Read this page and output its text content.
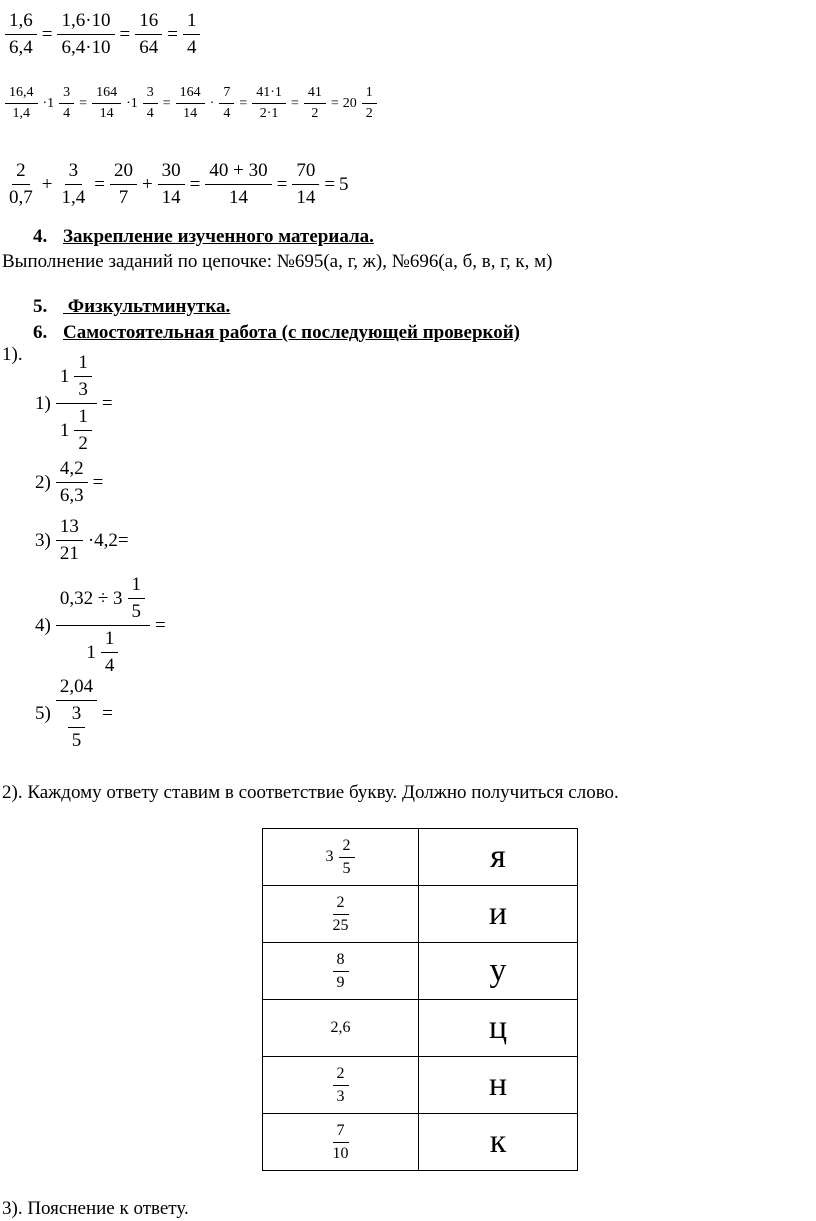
$\frac{1,6}{6,4} = \frac{1,6\cdot 10}{6,4\cdot 10} = \frac{16}{64} = \frac{1}{4}$
$\frac{16,4}{1,4} \cdot 1 \frac{3}{4} = \frac{164}{14} \cdot 1 \frac{3}{4} = \frac{164}{14} \cdot \frac{7}{4} = \frac{41\cdot 1}{2\cdot 1} = \frac{41}{2} = 20 \frac{1}{2}$
$\frac{2}{0,7} + \frac{3}{1,4} = \frac{20}{7} + \frac{30}{14} = \frac{40 + 30}{14} = \frac{70}{14} = 5$
4. Закрепление изученного материала.
Выполнение заданий по цепочке: №695(а, г, ж), №696(а, б, в, г, к, м)
5. Физкультминутка.
6. Самостоятельная работа (с последующей проверкой)
1).
$1) \frac{1 \frac{1}{3}}{1 \frac{1}{2}}$ =
$2) \frac{4,2}{6,3}$ =
$3) \frac{13}{21} \cdot 4,2=$
$4) \frac{0,32 \div 3 \frac{1}{5}}{1 \frac{1}{4}}$ =
$5) \frac{2,04}{\frac{3}{5}}$ =
2). Каждому ответу ставим в соответствие букву. Должно получиться слово.
$3 \frac{2}{5}$	я

$\frac{2}{25}$	и

$\frac{8}{9}$	у

2,6	ц

$\frac{2}{3}$	н

$\frac{7}{10}$	к
3). Пояснение к ответу.
